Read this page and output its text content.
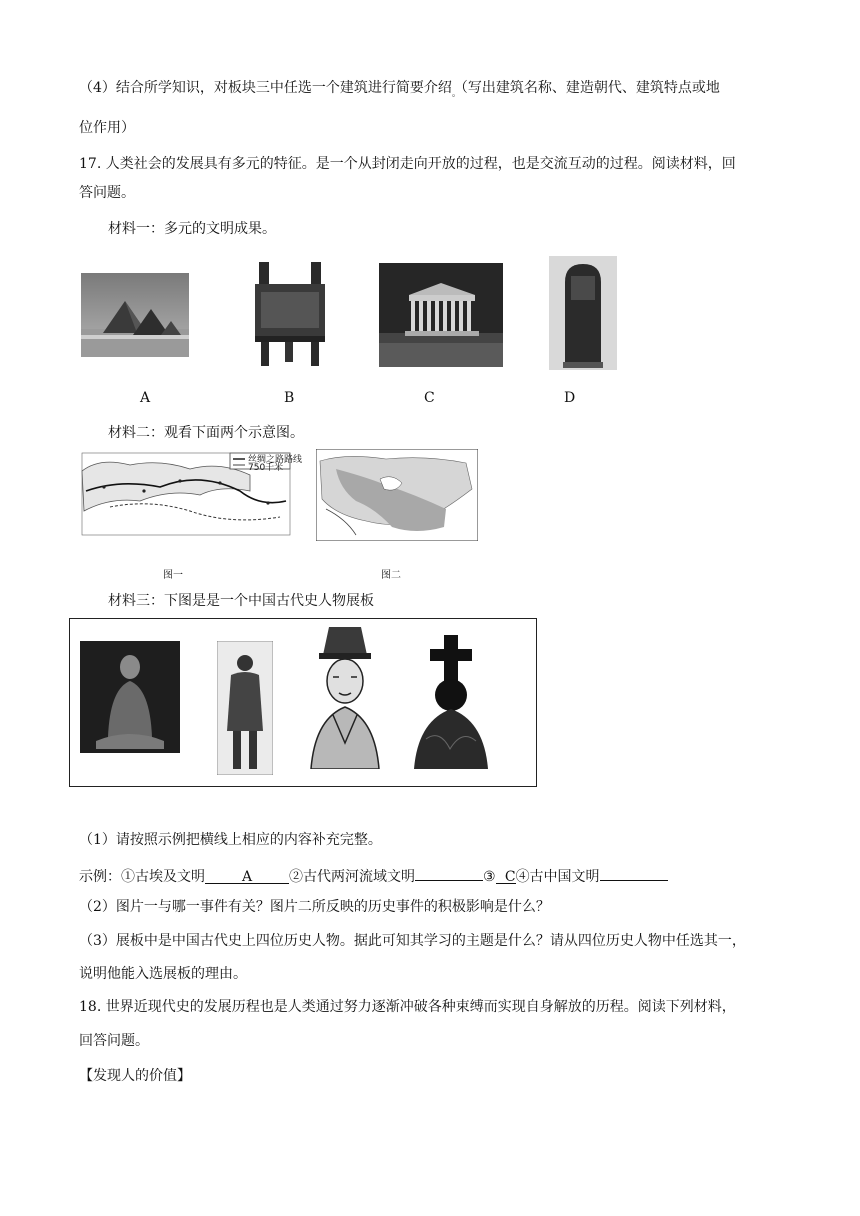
（4）结合所学知识，对板块三中任选一个建筑进行简要介绍$_。$（写出建筑名称、建造朝代、建筑特点或地
位作用）
17. 人类社会的发展具有多元的特征。是一个从封闭走向开放的过程，也是交流互动的过程。阅读材料，回
答问题。
材料一：多元的文明成果。
A	B	C	D
材料二：观看下面两个示意图。
丝绸之路路线
750千米
图一	图二
材料三：下图是是一个中国古代史人物展板
（1）请按照示例把横线上相应的内容补充完整。
示例：①古埃及文明	A	②古代两河流域文明	③ C④古中国文明
（2）图片一与哪一事件有关？图片二所反映的历史事件的积极影响是什么？
（3）展板中是中国古代史上四位历史人物。据此可知其学习的主题是什么？请从四位历史人物中任选其一，
说明他能入选展板的理由。
18. 世界近现代史的发展历程也是人类通过努力逐渐冲破各种束缚而实现自身解放的历程。阅读下列材料，
回答问题。
【发现人的价值】
